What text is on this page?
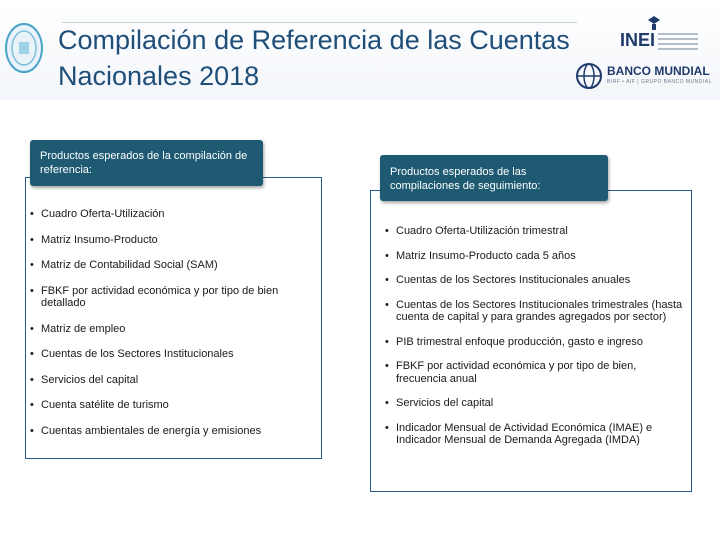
Compilación de Referencia de las Cuentas
Nacionales 2018
INEI
BANCO MUNDIAL
BIRF • AIF | GRUPO BANCO MUNDIAL
Productos esperados de la compilación de referencia:
• Cuadro Oferta-Utilización
• Matriz Insumo-Producto
• Matriz de Contabilidad Social (SAM)
• FBKF por actividad económica y por tipo de bien detallado
• Matriz de empleo
• Cuentas de los Sectores Institucionales
• Servicios del capital
• Cuenta satélite de turismo
• Cuentas ambientales de energía y emisiones
Productos esperados de las compilaciones de seguimiento:
• Cuadro Oferta-Utilización trimestral
• Matriz Insumo-Producto cada 5 años
• Cuentas de los Sectores Institucionales anuales
• Cuentas de los Sectores Institucionales trimestrales (hasta cuenta de capital y para grandes agregados por sector)
• PIB trimestral enfoque producción, gasto e ingreso
• FBKF por actividad económica y por tipo de bien, frecuencia anual
• Servicios del capital
• Indicador Mensual de Actividad Económica (IMAE) e Indicador Mensual de Demanda Agregada (IMDA)
